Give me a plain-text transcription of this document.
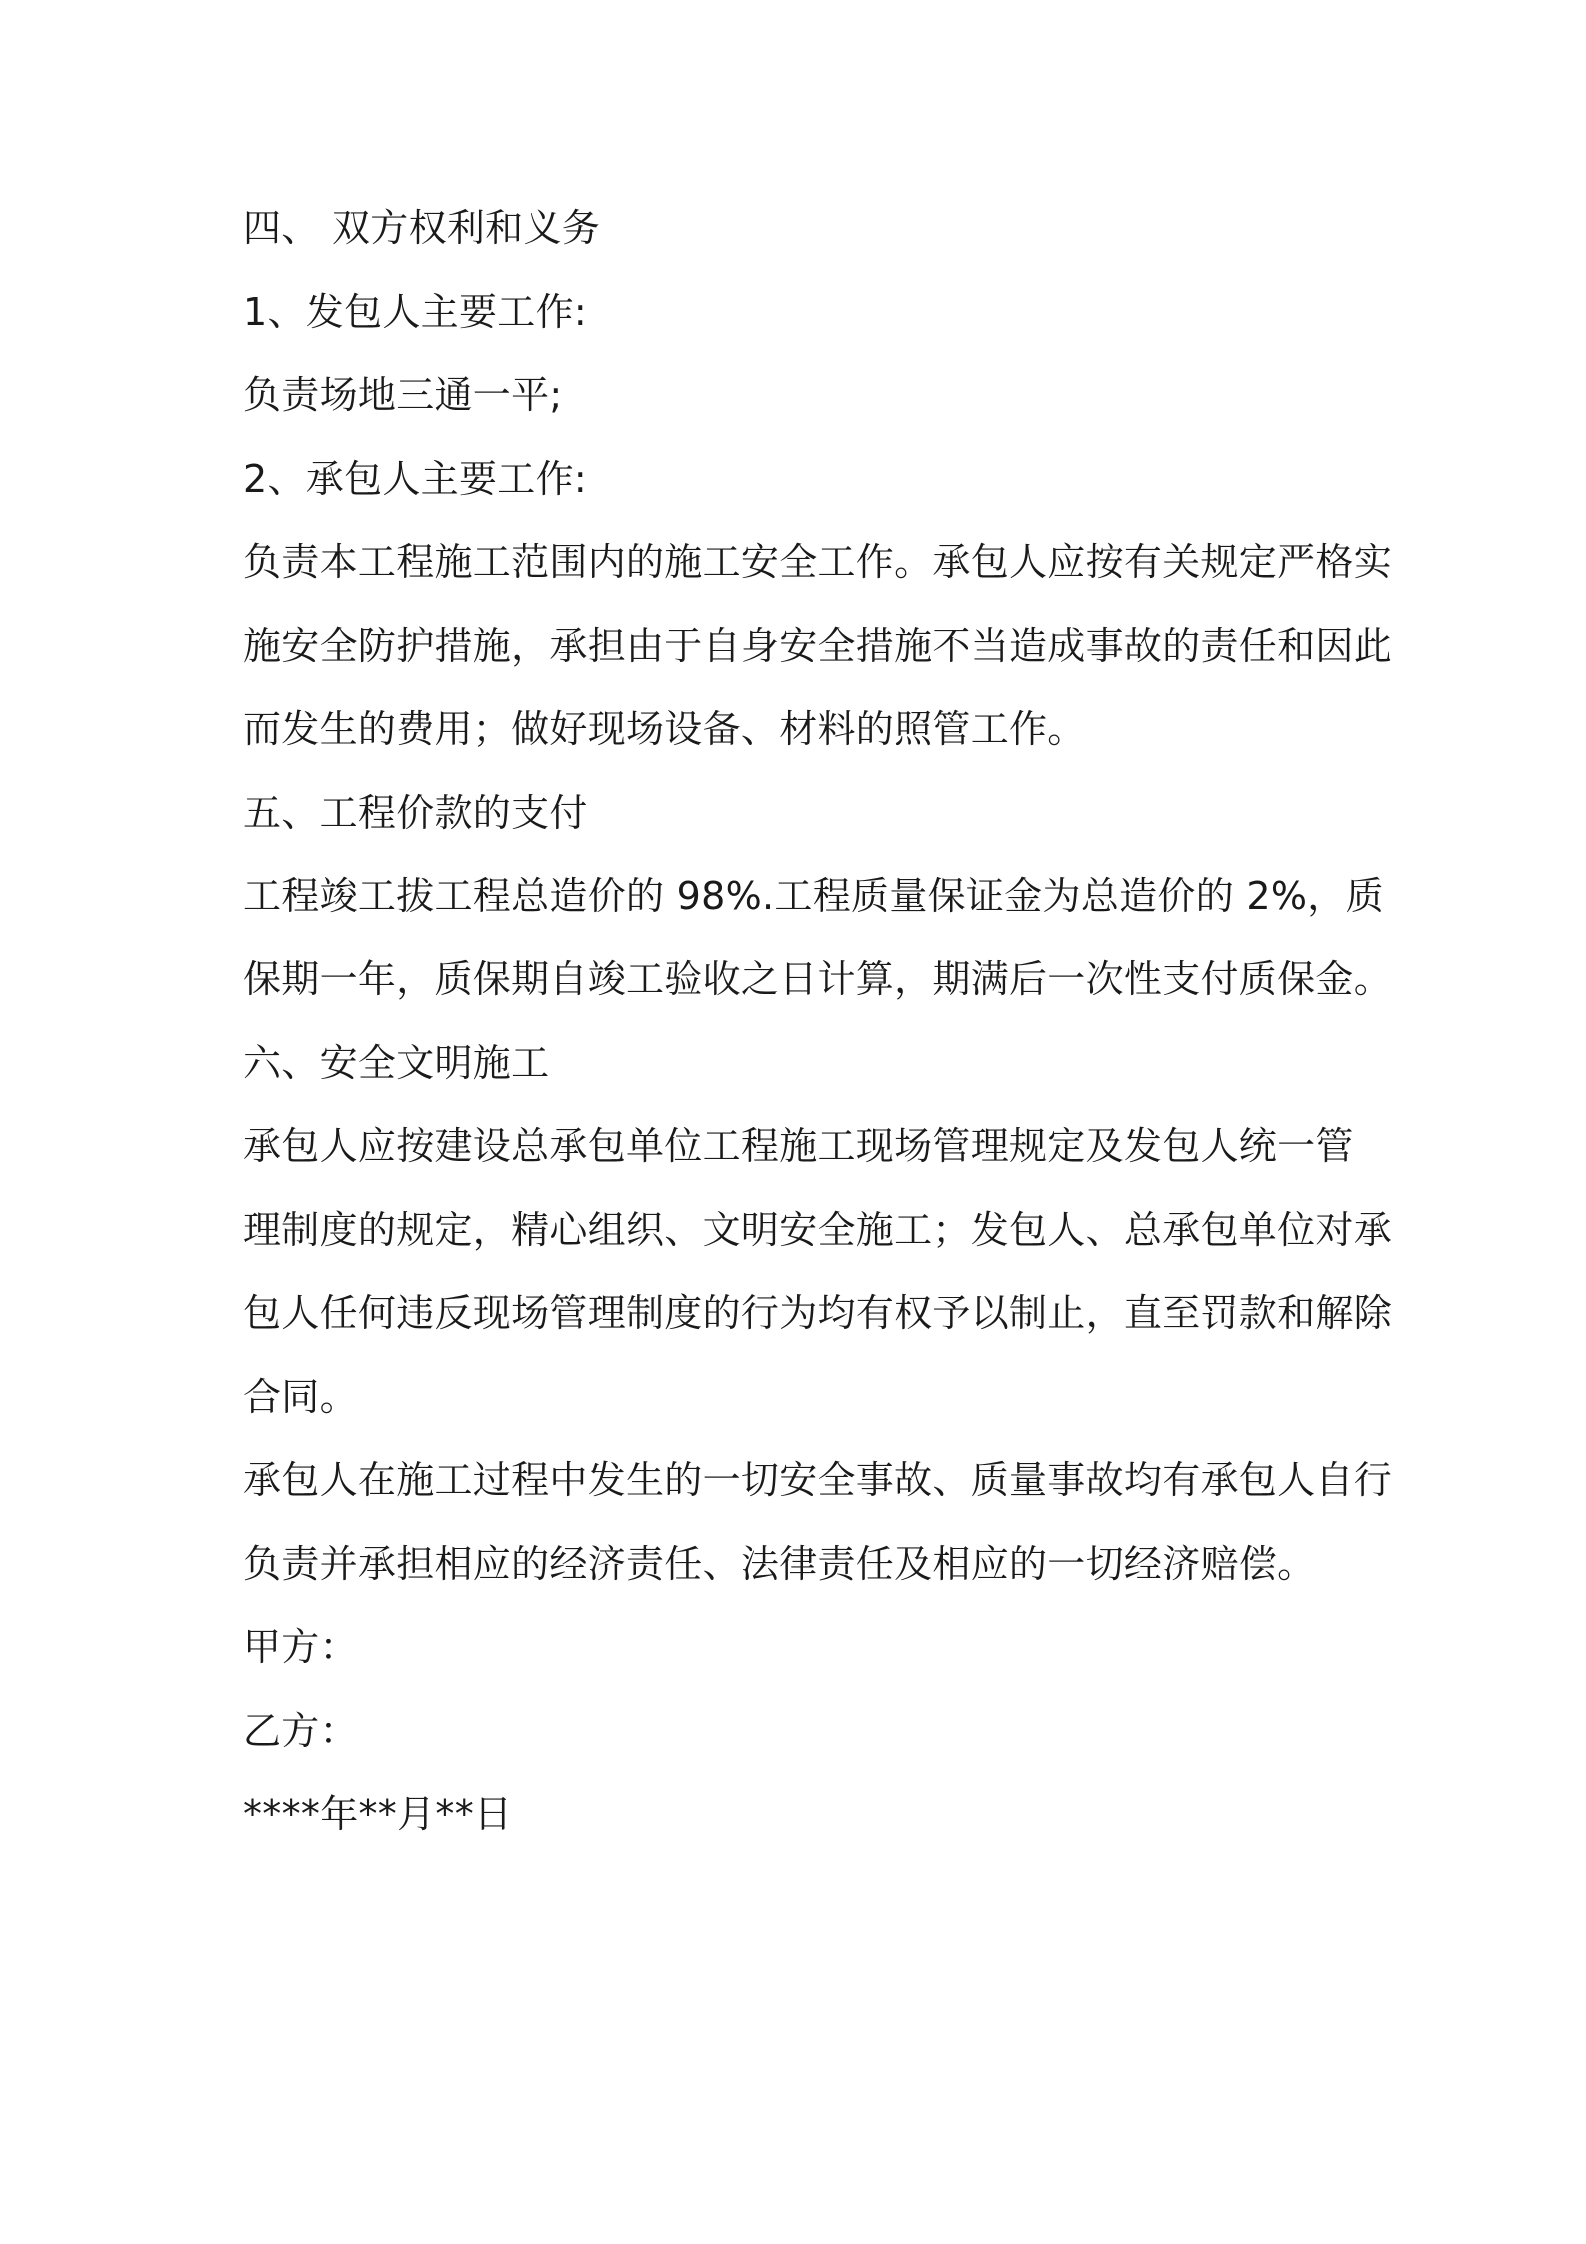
四、 双方权利和义务
1、发包人主要工作:
负责场地三通一平;
2、承包人主要工作:
负责本工程施工范围内的施工安全工作。承包人应按有关规定严格实
施安全防护措施，承担由于自身安全措施不当造成事故的责任和因此
而发生的费用；做好现场设备、材料的照管工作。
五、工程价款的支付
工程竣工拔工程总造价的 98%.工程质量保证金为总造价的 2%，质
保期一年，质保期自竣工验收之日计算，期满后一次性支付质保金。
六、安全文明施工
承包人应按建设总承包单位工程施工现场管理规定及发包人统一管
理制度的规定，精心组织、文明安全施工；发包人、总承包单位对承
包人任何违反现场管理制度的行为均有权予以制止，直至罚款和解除
合同。
承包人在施工过程中发生的一切安全事故、质量事故均有承包人自行
负责并承担相应的经济责任、法律责任及相应的一切经济赔偿。
甲方：
乙方：
****年**月**日
